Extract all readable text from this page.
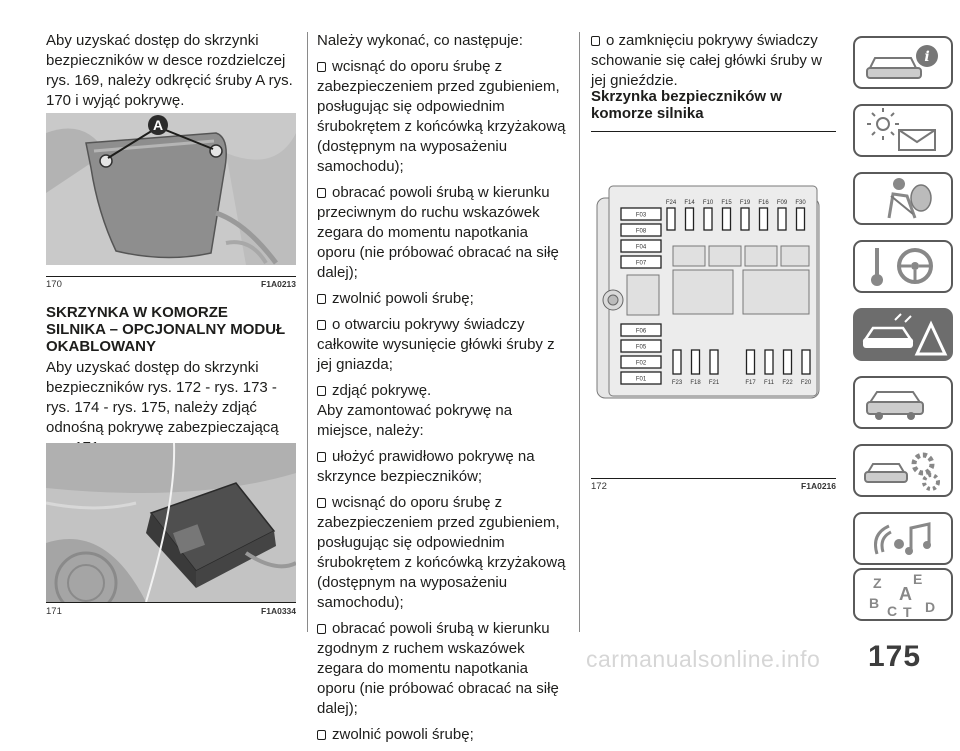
Aby uzyskać dostęp do skrzynki bezpieczników w desce rozdzielczej rys. 169, należy odkręcić śruby A rys. 170 i wyjąć pokrywę.

A
170	F1A0213

SKRZYNKA W KOMORZE SILNIKA – OPCJONALNY MODUŁ OKABLOWANY

Aby uzyskać dostęp do skrzynki bezpieczników rys. 172 - rys. 173 - rys. 174 - rys. 175, należy zdjąć odnośną pokrywę zabezpieczającą

171	F1A0334

Należy wykonać, co następuje:

wcisnąć do oporu śrubę z zabezpieczeniem przed zgubieniem, posługując się odpowiednim śrubokrętem z końcówką krzyżakową (dostępnym na wyposażeniu samochodu);

obracać powoli śrubą w kierunku przeciwnym do ruchu wskazówek zegara do momentu napotkania oporu (nie próbować obracać na siłę dalej);

zwolnić powoli śrubę;

o otwarciu pokrywy świadczy całkowite wysunięcie główki śruby z jej gniazda;

zdjąć pokrywę.

Aby zamontować pokrywę na miejsce, należy:

ułożyć prawidłowo pokrywę na skrzynce bezpieczników;

wcisnąć do oporu śrubę z zabezpieczeniem przed zgubieniem, posługując się odpowiednim śrubokrętem z końcówką krzyżakową (dostępnym na wyposażeniu samochodu);

obracać powoli śrubą w kierunku zgodnym z ruchem wskazówek zegara do momentu napotkania oporu (nie próbować obracać na siłę dalej);

zwolnić powoli śrubę;

o zamknięciu pokrywy świadczy schowanie się całej główki śruby w jej gnieździe.

Skrzynka bezpieczników w komorze silnika

F24 F14 F10 F15 F19 F16 F09 F30
F23 F18 F21	F17 F11 F22 F20
F03
F08
F04
F07
F06
F05
F02
F01
172	F1A0216
i
Z E
B A
C T D
175
carmanualsonline.info
